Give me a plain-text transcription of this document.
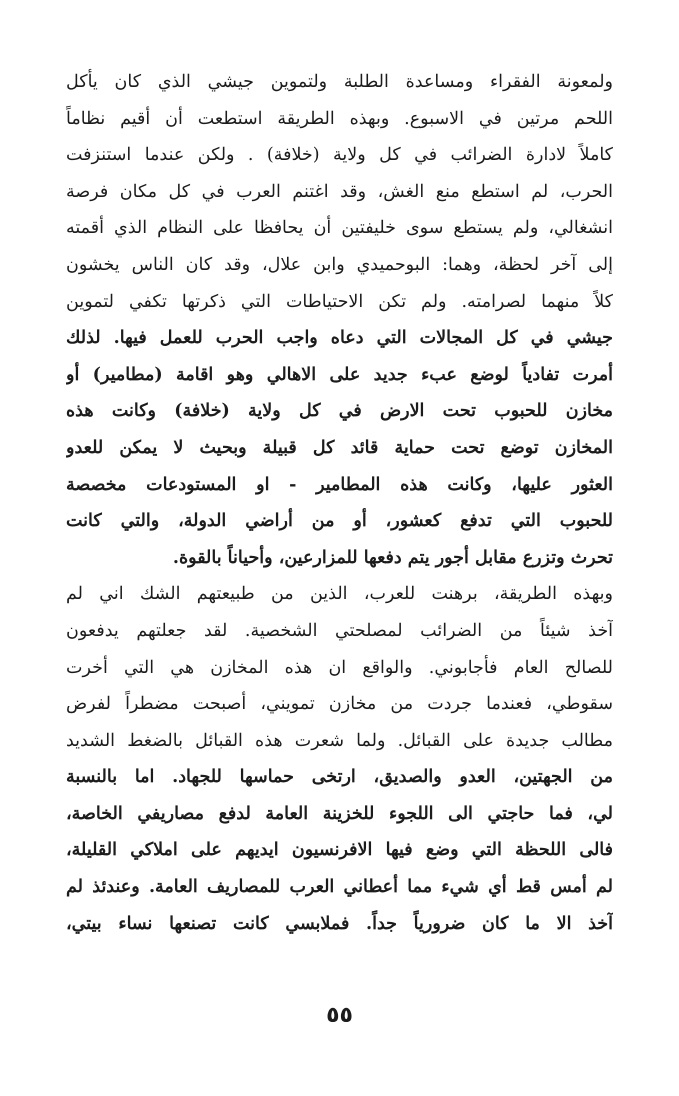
ولمعونة الفقراء ومساعدة الطلبة ولتموين جيشي الذي كان يأكل
اللحم مرتين في الاسبوع. وبهذه الطريقة استطعت أن أقيم نظاماً
كاملاً لادارة الضرائب في كل ولاية (خلافة) . ولكن عندما استنزفت
الحرب، لم استطع منع الغش، وقد اغتنم العرب في كل مكان فرصة
انشغالي، ولم يستطع سوى خليفتين أن يحافظا على النظام الذي أقمته
إلى آخر لحظة، وهما: البوحميدي وابن علال، وقد كان الناس يخشون
كلاً منهما لصرامته. ولم تكن الاحتياطات التي ذكرتها تكفي لتموين
جيشي في كل المجالات التي دعاه واجب الحرب للعمل فيها. لذلك
أمرت تفادياً لوضع عبء جديد على الاهالي وهو اقامة (مطامير) أو
مخازن للحبوب تحت الارض في كل ولاية (خلافة) وكانت هذه
المخازن توضع تحت حماية قائد كل قبيلة وبحيث لا يمكن للعدو
العثور عليها، وكانت هذه المطامير - او المستودعات مخصصة
للحبوب التي تدفع كعشور، أو من أراضي الدولة، والتي كانت
تحرث وتزرع مقابل أجور يتم دفعها للمزارعين، وأحياناً بالقوة.
وبهذه الطريقة، برهنت للعرب، الذين من طبيعتهم الشك اني لم
آخذ شيئاً من الضرائب لمصلحتي الشخصية. لقد جعلتهم يدفعون
للصالح العام فأجابوني. والواقع ان هذه المخازن هي التي أخرت
سقوطي، فعندما جردت من مخازن تمويني، أصبحت مضطراً لفرض
مطالب جديدة على القبائل. ولما شعرت هذه القبائل بالضغط الشديد
من الجهتين، العدو والصديق، ارتخى حماسها للجهاد. اما بالنسبة
لي، فما حاجتي الى اللجوء للخزينة العامة لدفع مصاريفي الخاصة،
فالى اللحظة التي وضع فيها الافرنسيون ايديهم على املاكي القليلة،
لم أمس قط أي شيء مما أعطاني العرب للمصاريف العامة. وعندئذ لم
آخذ الا ما كان ضرورياً جداً. فملابسي كانت تصنعها نساء بيتي،
٥٥
